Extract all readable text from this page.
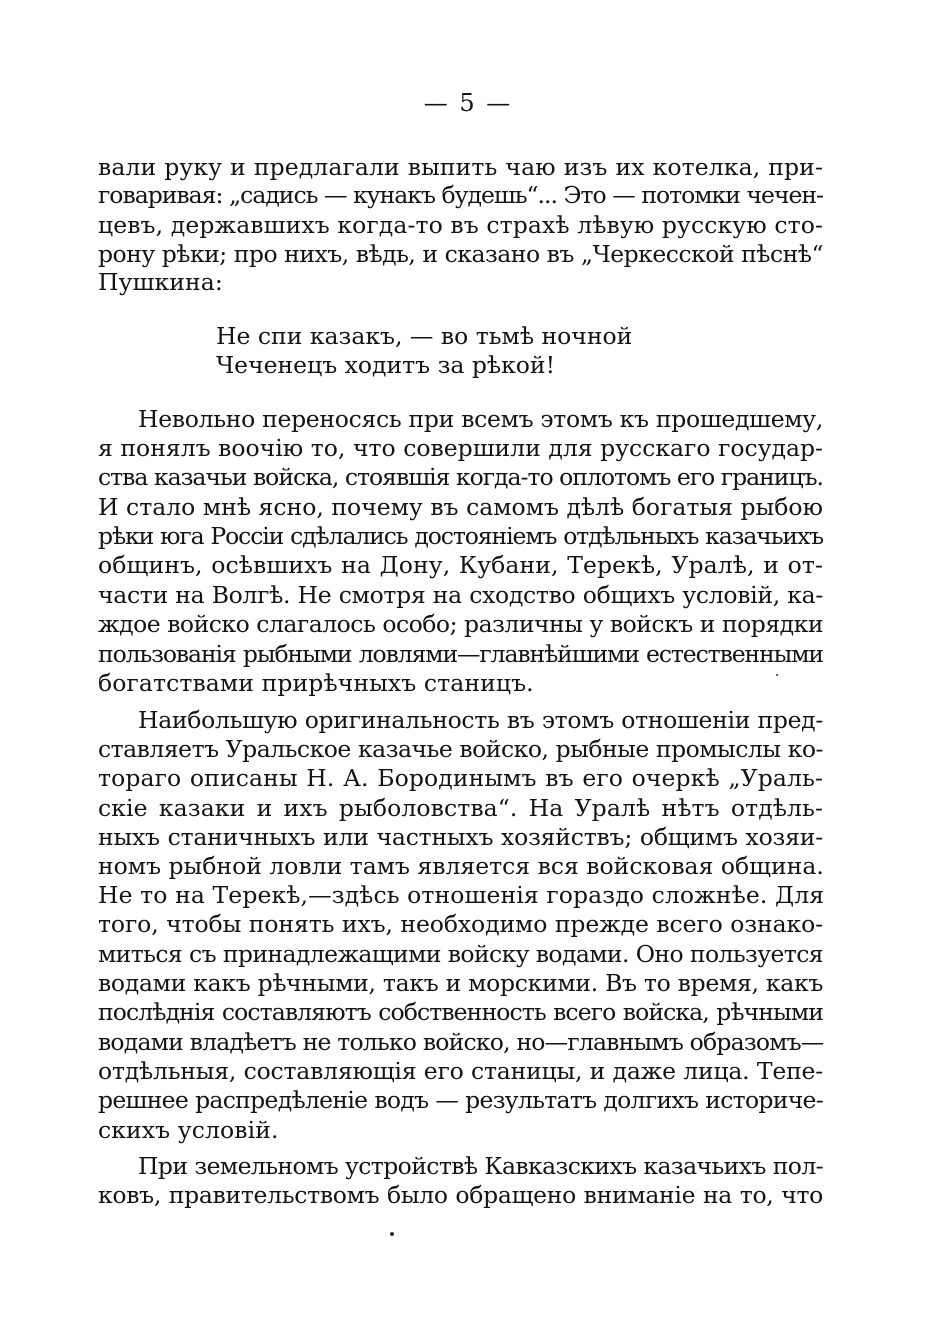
— 5 —
вали руку и предлагали выпить чаю изъ их котелка, при-
говаривая: „садись — кунакъ будешь“... Это — потомки чечен-
цевъ, державшихъ когда-то въ страхѣ лѣвую русскую сто-
рону рѣки; про нихъ, вѣдь, и сказано въ „Черкесской пѣснѣ“
Пушкина:
Не спи казакъ, — во тьмѣ ночной
Чеченецъ ходитъ за рѣкой!
Невольно переносясь при всемъ этомъ къ прошедшему,
я понялъ воочію то, что совершили для русскаго государ-
ства казачьи войска, стоявшія когда-то оплотомъ его границъ.
И стало мнѣ ясно, почему въ самомъ дѣлѣ богатыя рыбою
рѣки юга Россіи сдѣлались достояніемъ отдѣльныхъ казачьихъ
общинъ, осѣвшихъ на Дону, Кубани, Терекѣ, Уралѣ, и от-
части на Волгѣ. Не смотря на сходство общихъ условій, ка-
ждое войско слагалось особо; различны у войскъ и порядки
пользованія рыбными ловлями—главнѣйшими естественными
богатствами прирѣчныхъ станицъ.
Наибольшую оригинальность въ этомъ отношеніи пред-
ставляетъ Уральское казачье войско, рыбные промыслы ко-
тораго описаны Н. А. Бородинымъ въ его очеркѣ „Ураль-
скіе казаки и ихъ рыболовства“. На Уралѣ нѣтъ отдѣль-
ныхъ станичныхъ или частныхъ хозяйствъ; общимъ хозяи-
номъ рыбной ловли тамъ является вся войсковая община.
Не то на Терекѣ,—здѣсь отношенія гораздо сложнѣе. Для
того, чтобы понять ихъ, необходимо прежде всего ознако-
миться съ принадлежащими войску водами. Оно пользуется
водами какъ рѣчными, такъ и морскими. Въ то время, какъ
послѣднія составляютъ собственность всего войска, рѣчными
водами владѣетъ не только войско, но—главнымъ образомъ—
отдѣльныя, составляющія его станицы, и даже лица. Тепе-
решнее распредѣленіе водъ — результатъ долгихъ историче-
скихъ условій.
При земельномъ устройствѣ Кавказскихъ казачьихъ пол-
ковъ, правительствомъ было обращено вниманіе на то, что
